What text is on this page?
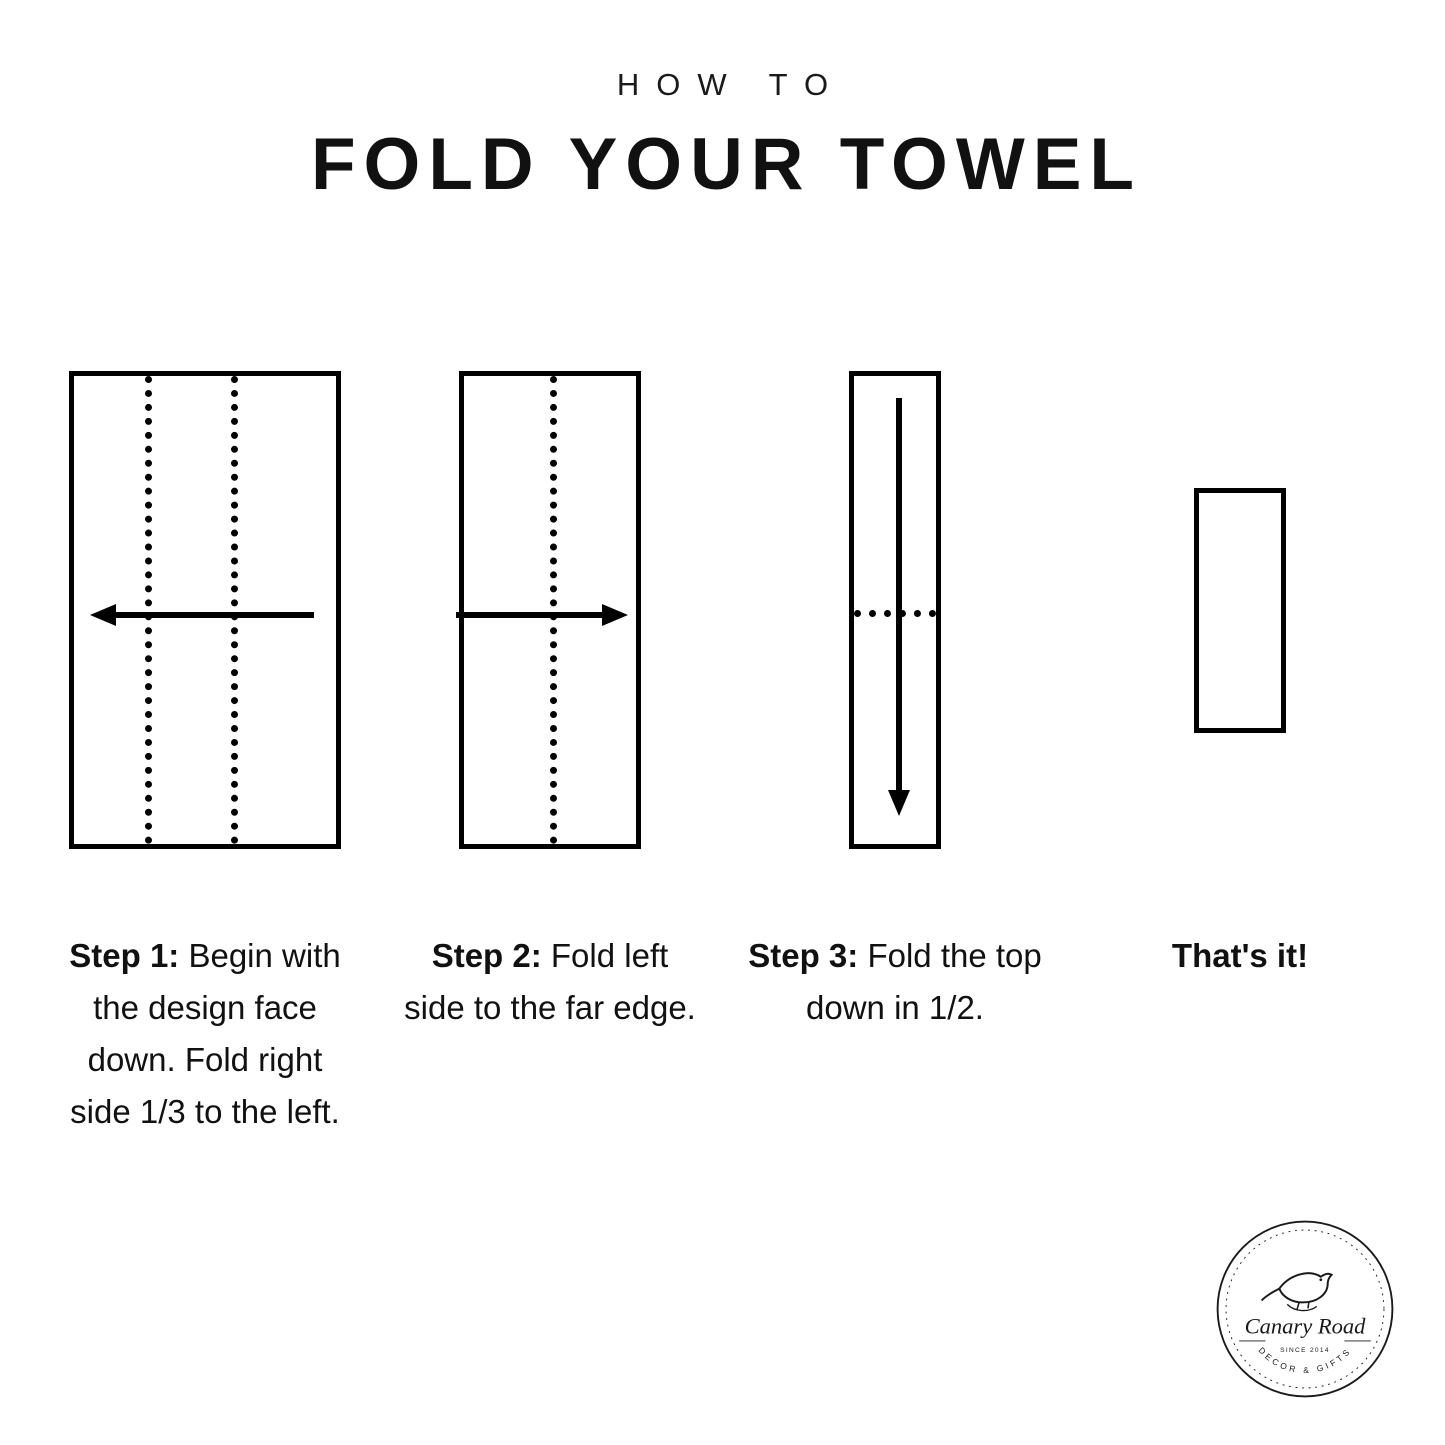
HOW TO
FOLD YOUR TOWEL
Step 1: Begin with the design face down. Fold right side 1/3 to the left.
Step 2: Fold left side to the far edge.
Step 3: Fold the top down in 1/2.
That's it!
Canary Road
SINCE 2014
DECOR & GIFTS
